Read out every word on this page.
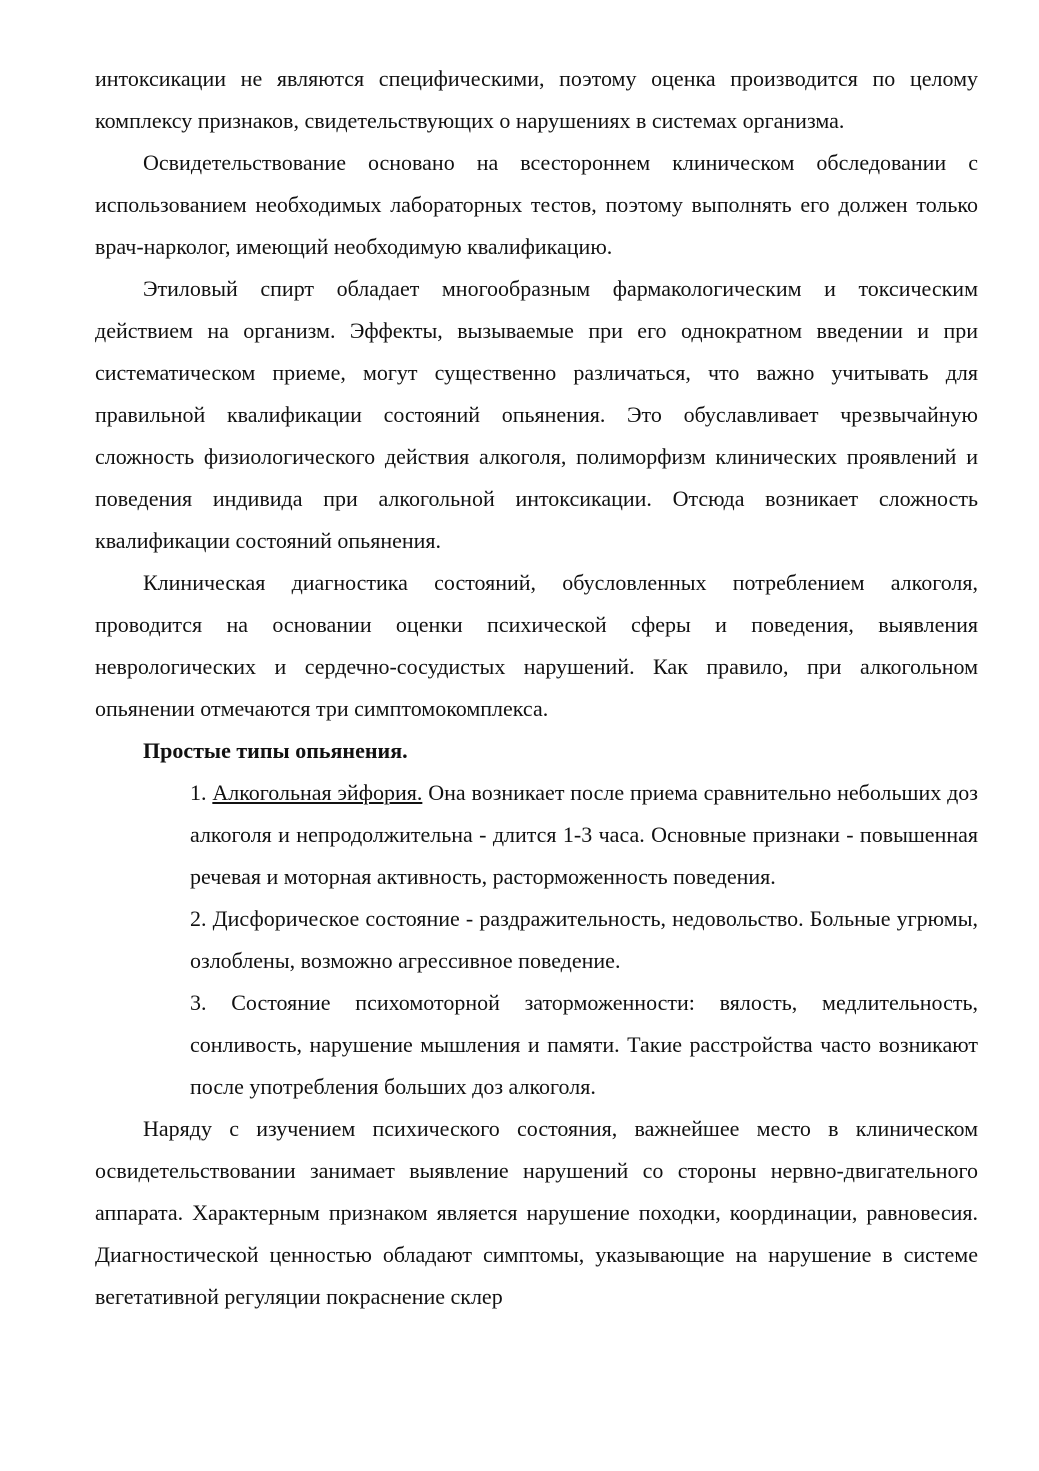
интоксикации не являются специфическими, поэтому оценка производится по целому комплексу признаков, свидетельствующих о нарушениях в системах организма.

Освидетельствование основано на всестороннем клиническом обследовании с использованием необходимых лабораторных тестов, поэтому выполнять его должен только врач-нарколог, имеющий необходимую квалификацию.

Этиловый спирт обладает многообразным фармакологическим и токсическим действием на организм. Эффекты, вызываемые при его однократном введении и при систематическом приеме, могут существенно различаться, что важно учитывать для правильной квалификации состояний опьянения. Это обуславливает чрезвычайную сложность физиологического действия алкоголя, полиморфизм клинических проявлений и поведения индивида при алкогольной интоксикации. Отсюда возникает сложность квалификации состояний опьянения.

Клиническая диагностика состояний, обусловленных потреблением алкоголя, проводится на основании оценки психической сферы и поведения, выявления неврологических и сердечно-сосудистых нарушений. Как правило, при алкогольном опьянении отмечаются три симптомокомплекса.

Простые типы опьянения.

1. Алкогольная эйфория. Она возникает после приема сравнительно небольших доз алкоголя и непродолжительна - длится 1-3 часа. Основные признаки - повышенная речевая и моторная активность, расторможенность поведения.

2. Дисфорическое состояние - раздражительность, недовольство. Больные угрюмы, озлоблены, возможно агрессивное поведение.

3. Состояние психомоторной заторможенности: вялость, медлительность, сонливость, нарушение мышления и памяти. Такие расстройства часто возникают после употребления больших доз алкоголя.

Наряду с изучением психического состояния, важнейшее место в клиническом освидетельствовании занимает выявление нарушений со стороны нервно-двигательного аппарата. Характерным признаком является нарушение походки, координации, равновесия. Диагностической ценностью обладают симптомы, указывающие на нарушение в системе вегетативной регуляции покраснение склер
